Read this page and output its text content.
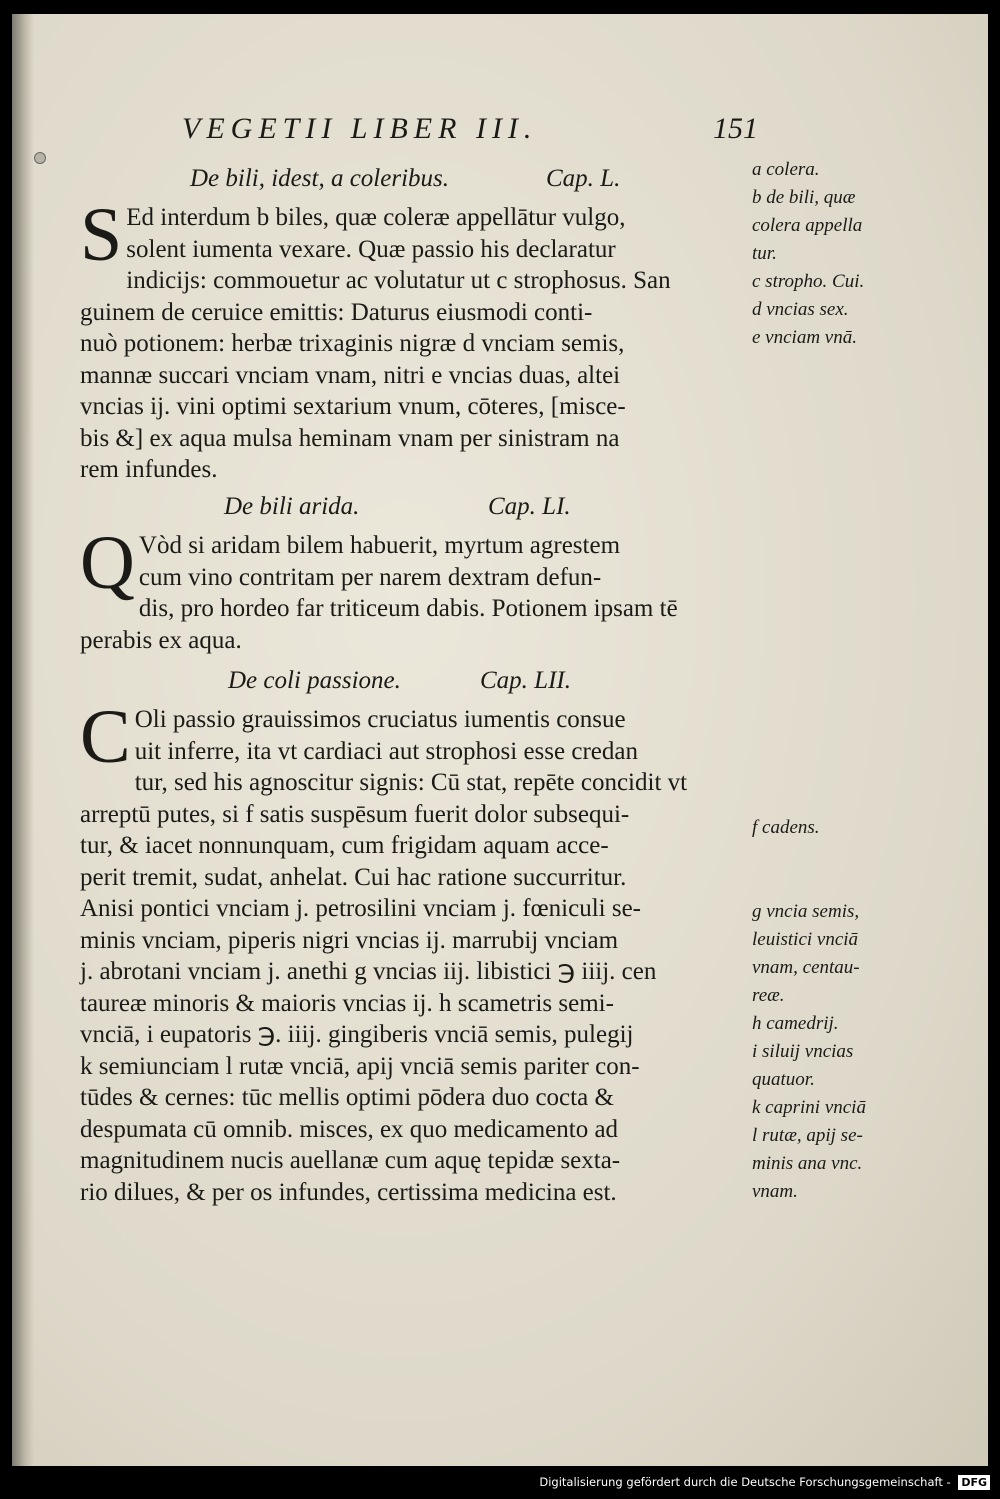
VEGETII LIBER III.	151
De bili, idest, a coleribus.	Cap. L.
S Ed interdum b biles, quæ coleræ appellātur vulgo,
solent iumenta vexare. Quæ passio his declaratur
indicijs: commouetur ac volutatur ut c strophosus. San
guinem de ceruice emittis: Daturus eiusmodi conti-
nuò potionem: herbæ trixaginis nigræ d vnciam semis,
mannæ succari vnciam vnam, nitri e vncias duas, altei
vncias ij. vini optimi sextarium vnum, cōteres, [misce-
bis &] ex aqua mulsa heminam vnam per sinistram na
rem infundes.
De bili arida.	Cap. LI.
Q Vòd si aridam bilem habuerit, myrtum agrestem
cum vino contritam per narem dextram defun-
dis, pro hordeo far triticeum dabis. Potionem ipsam tē
perabis ex aqua.
De coli passione.	Cap. LII.
C Oli passio grauissimos cruciatus iumentis consue
uit inferre, ita vt cardiaci aut strophosi esse credan
tur, sed his agnoscitur signis: Cū stat, repēte concidit vt
arreptū putes, si f satis suspēsum fuerit dolor subsequi-
tur, & iacet nonnunquam, cum frigidam aquam acce-
perit tremit, sudat, anhelat. Cui hac ratione succurritur.
Anisi pontici vnciam j. petrosilini vnciam j. fœniculi se-
minis vnciam, piperis nigri vncias ij. marrubij vnciam
j. abrotani vnciam j. anethi g vncias iij. libistici ℈ iiij. cen
taureæ minoris & maioris vncias ij. h scametris semi-
vnciā, i eupatoris ℈. iiij. gingiberis vnciā semis, pulegij
k semiunciam l rutæ vnciā, apij vnciā semis pariter con-
tūdes & cernes: tūc mellis optimi pōdera duo cocta &
despumata cū omnib. misces, ex quo medicamento ad
magnitudinem nucis auellanæ cum aquę tepidæ sexta-
rio dilues, & per os infundes, certissima medicina est.
a colera.
b de bili, quæ
colera appella
tur.
c stropho. Cui.
d vncias sex.
e vnciam vnā.
f cadens.
g vncia semis,
leuistici vnciā
vnam, centau-
reæ.
h camedrij.
i siluij vncias
quatuor.
k caprini vnciā
l rutæ, apij se-
minis ana vnc.
vnam.
Digitalisierung gefördert durch die Deutsche Forschungsgemeinschaft - DFG
